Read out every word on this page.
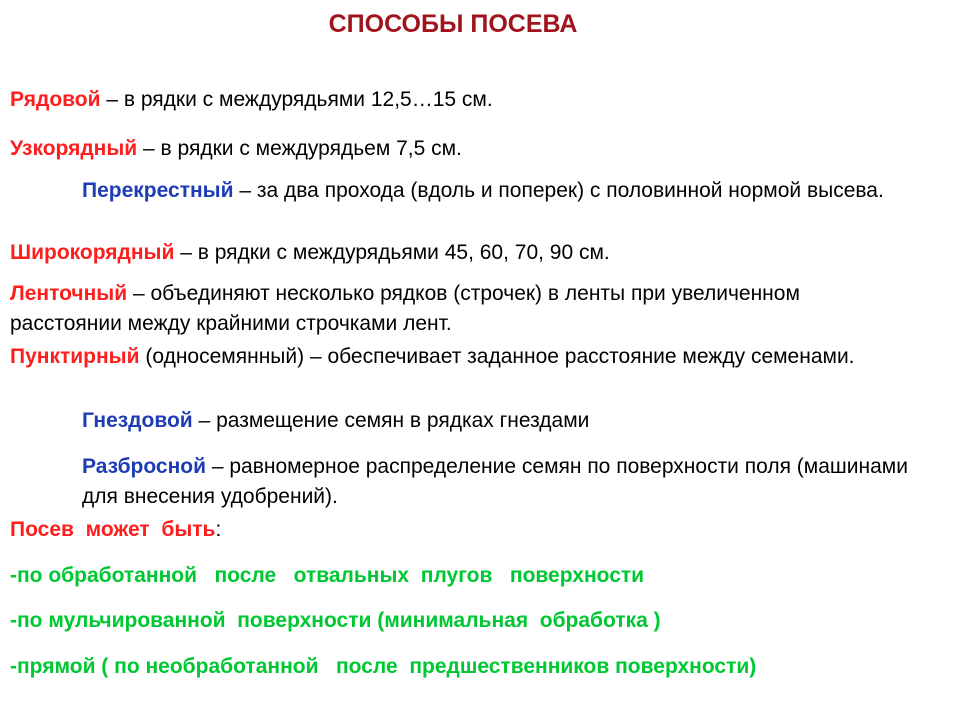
СПОСОБЫ ПОСЕВА
Рядовой – в рядки с междурядьями 12,5…15 см.
Узкорядный – в рядки с междурядьем 7,5 см.
Перекрестный – за два прохода (вдоль и поперек) с половинной нормой высева.
Широкорядный – в рядки с междурядьями 45, 60, 70, 90 см.
Ленточный – объединяют несколько рядков (строчек) в ленты при увеличенном расстоянии между крайними строчками лент.
Пунктирный (односемянный) – обеспечивает заданное расстояние между семенами.
Гнездовой – размещение семян в рядках гнездами
Разбросной – равномерное распределение семян по поверхности поля (машинами для внесения удобрений).
Посев  может  быть:
-по обработанной   после   отвальных  плугов   поверхности
-по мульчированной  поверхности (минимальная  обработка )
-прямой ( по необработанной   после  предшественников поверхности)
